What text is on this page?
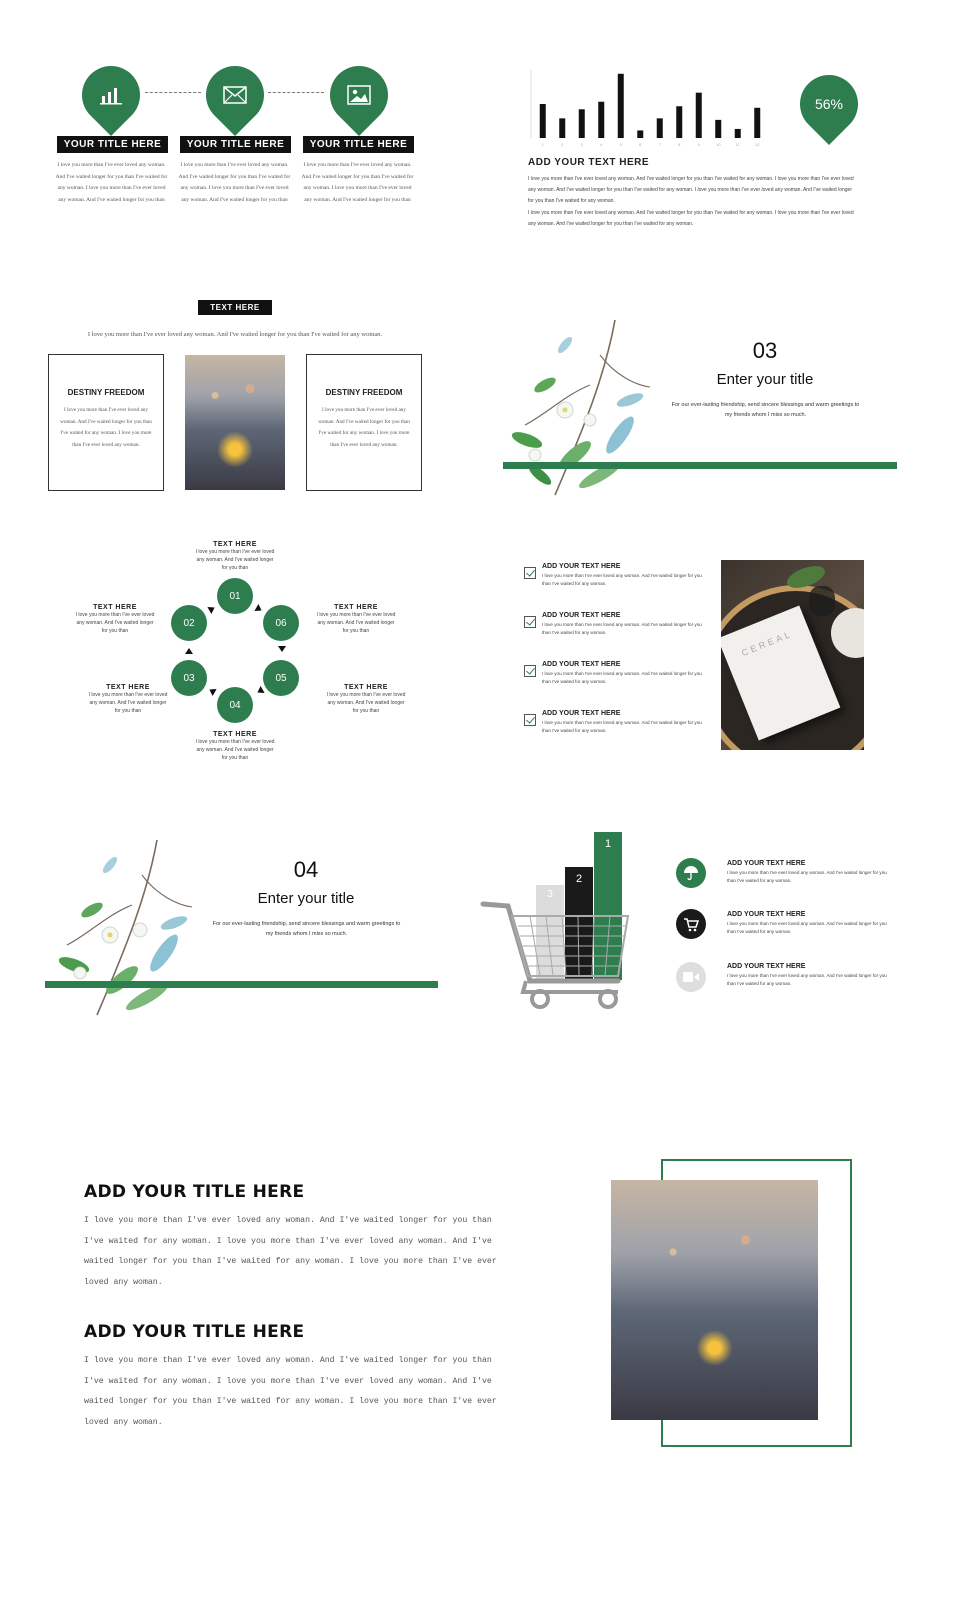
YOUR TITLE HERE	YOUR TITLE HERE	YOUR TITLE HERE
I love you more than I've ever loved any woman. And I've waited longer for you than I've waited for any woman. I love you more than I've ever loved any woman. And I've waited longer for you than
I love you more than I've ever loved any woman. And I've waited longer for you than I've waited for any woman. I love you more than I've ever loved any woman. And I've waited longer for you than
I love you more than I've ever loved any woman. And I've waited longer for you than I've waited for any woman. I love you more than I've ever loved any woman. And I've waited longer for you than
1	2	3	4	5	6	7	8	9	10	11	12
56%
ADD YOUR TEXT HERE
I love you more than I've ever loved any woman. And I've waited longer for you than I've waited for any woman. I love you more than I've ever loved any woman. And I've waited longer for you than I've waited for any woman. I love you more than I've ever loved any woman. And I've waited longer for you than I've waited for any woman.
I love you more than I've ever loved any woman. And I've waited longer for you than I've waited for any woman. I love you more than I've ever loved any woman. And I've waited longer for you than I've waited for any woman.
TEXT HERE
I love you more than I've ever loved any woman. And I've waited longer for you than I've waited for any woman.
DESTINY FREEDOM
I love you more than I've ever loved any woman. And I've waited longer for you than I've waited for any woman. I love you more than I've ever loved any woman.
DESTINY FREEDOM
I love you more than I've ever loved any woman. And I've waited longer for you than I've waited for any woman. I love you more than I've ever loved any woman.
03
Enter your title
For our ever-lasting friendship, send sincere blessings and warm greetings to my friends whom I miss so much.
01
06
05
04
03
02
TEXT HERE
I love you more than I've ever loved any woman. And I've waited longer for you than
TEXT HERE
I love you more than I've ever loved any woman. And I've waited longer for you than
TEXT HERE
I love you more than I've ever loved any woman. And I've waited longer for you than
TEXT HERE
I love you more than I've ever loved any woman. And I've waited longer for you than
TEXT HERE
I love you more than I've ever loved any woman. And I've waited longer for you than
TEXT HERE
I love you more than I've ever loved any woman. And I've waited longer for you than
ADD YOUR TEXT HERE
I love you more than I've ever loved any woman. And I've waited longer for you than I've waited for any woman.
ADD YOUR TEXT HERE
I love you more than I've ever loved any woman. And I've waited longer for you than I've waited for any woman.
ADD YOUR TEXT HERE
I love you more than I've ever loved any woman. And I've waited longer for you than I've waited for any woman.
ADD YOUR TEXT HERE
I love you more than I've ever loved any woman. And I've waited longer for you than I've waited for any woman.
CEREAL
04
Enter your title
For our ever-lasting friendship, send sincere blessings and warm greetings to my friends whom I miss so much.
3
2
1
ADD YOUR TEXT HERE
I love you more than I've ever loved any woman. And I've waited longer for you than I've waited for any woman.
ADD YOUR TEXT HERE
I love you more than I've ever loved any woman. And I've waited longer for you than I've waited for any woman.
ADD YOUR TEXT HERE
I love you more than I've ever loved any woman. And I've waited longer for you than I've waited for any woman.
ADD YOUR TITLE HERE
I love you more than I've ever loved any woman. And I've waited longer for you than I've waited for any woman. I love you more than I've ever loved any woman. And I've waited longer for you than I've waited for any woman. I love you more than I've ever loved any woman.
ADD YOUR TITLE HERE
I love you more than I've ever loved any woman. And I've waited longer for you than I've waited for any woman. I love you more than I've ever loved any woman. And I've waited longer for you than I've waited for any woman. I love you more than I've ever loved any woman.
